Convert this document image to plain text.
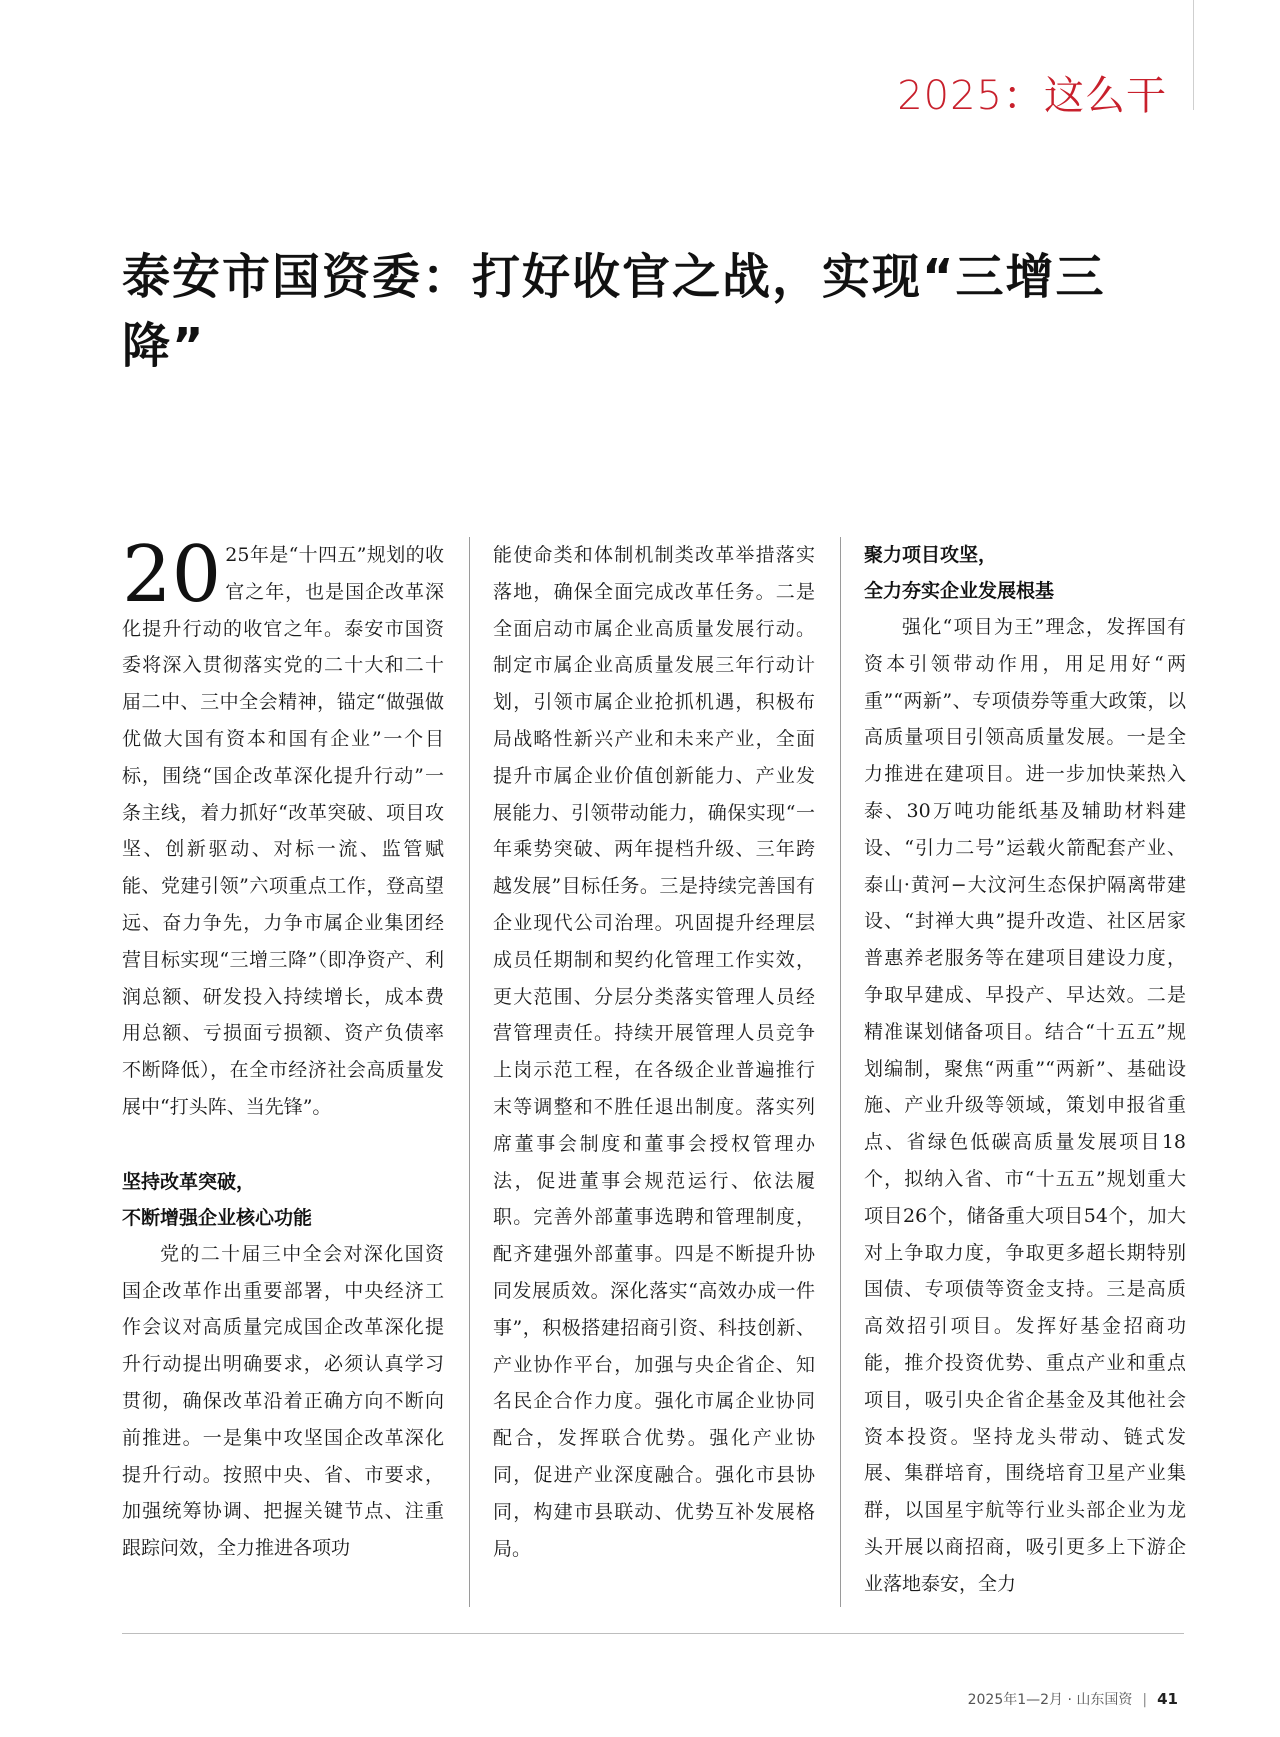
2025：这么干
泰安市国资委：打好收官之战，实现“三增三降”

20 25年是“十四五”规划的收官之年，也是国企改革深化提升行动的收官之年。泰安市国资委将深入贯彻落实党的二十大和二十届二中、三中全会精神，锚定“做强做优做大国有资本和国有企业”一个目标，围绕“国企改革深化提升行动”一条主线，着力抓好“改革突破、项目攻坚、创新驱动、对标一流、监管赋能、党建引领”六项重点工作，登高望远、奋力争先，力争市属企业集团经营目标实现“三增三降”（即净资产、利润总额、研发投入持续增长，成本费用总额、亏损面亏损额、资产负债率不断降低），在全市经济社会高质量发展中“打头阵、当先锋”。

坚持改革突破，
不断增强企业核心功能

党的二十届三中全会对深化国资国企改革作出重要部署，中央经济工作会议对高质量完成国企改革深化提升行动提出明确要求，必须认真学习贯彻，确保改革沿着正确方向不断向前推进。一是集中攻坚国企改革深化提升行动。按照中央、省、市要求，加强统筹协调、把握关键节点、注重跟踪问效，全力推进各项功

能使命类和体制机制类改革举措落实落地，确保全面完成改革任务。二是全面启动市属企业高质量发展行动。制定市属企业高质量发展三年行动计划，引领市属企业抢抓机遇，积极布局战略性新兴产业和未来产业，全面提升市属企业价值创新能力、产业发展能力、引领带动能力，确保实现“一年乘势突破、两年提档升级、三年跨越发展”目标任务。三是持续完善国有企业现代公司治理。巩固提升经理层成员任期制和契约化管理工作实效，更大范围、分层分类落实管理人员经营管理责任。持续开展管理人员竞争上岗示范工程，在各级企业普遍推行末等调整和不胜任退出制度。落实列席董事会制度和董事会授权管理办法，促进董事会规范运行、依法履职。完善外部董事选聘和管理制度，配齐建强外部董事。四是不断提升协同发展质效。深化落实“高效办成一件事”，积极搭建招商引资、科技创新、产业协作平台，加强与央企省企、知名民企合作力度。强化市属企业协同配合，发挥联合优势。强化产业协同，促进产业深度融合。强化市县协同，构建市县联动、优势互补发展格局。

聚力项目攻坚，
全力夯实企业发展根基

强化“项目为王”理念，发挥国有资本引领带动作用，用足用好“两重”“两新”、专项债券等重大政策，以高质量项目引领高质量发展。一是全力推进在建项目。进一步加快莱热入泰、30万吨功能纸基及辅助材料建设、“引力二号”运载火箭配套产业、泰山·黄河−大汶河生态保护隔离带建设、“封禅大典”提升改造、社区居家普惠养老服务等在建项目建设力度，争取早建成、早投产、早达效。二是精准谋划储备项目。结合“十五五”规划编制，聚焦“两重”“两新”、基础设施、产业升级等领域，策划申报省重点、省绿色低碳高质量发展项目18个，拟纳入省、市“十五五”规划重大项目26个，储备重大项目54个，加大对上争取力度，争取更多超长期特别国债、专项债等资金支持。三是高质高效招引项目。发挥好基金招商功能，推介投资优势、重点产业和重点项目，吸引央企省企基金及其他社会资本投资。坚持龙头带动、链式发展、集群培育，围绕培育卫星产业集群，以国星宇航等行业头部企业为龙头开展以商招商，吸引更多上下游企业落地泰安，全力

2025年1—2月 · 山东国资 | 41
